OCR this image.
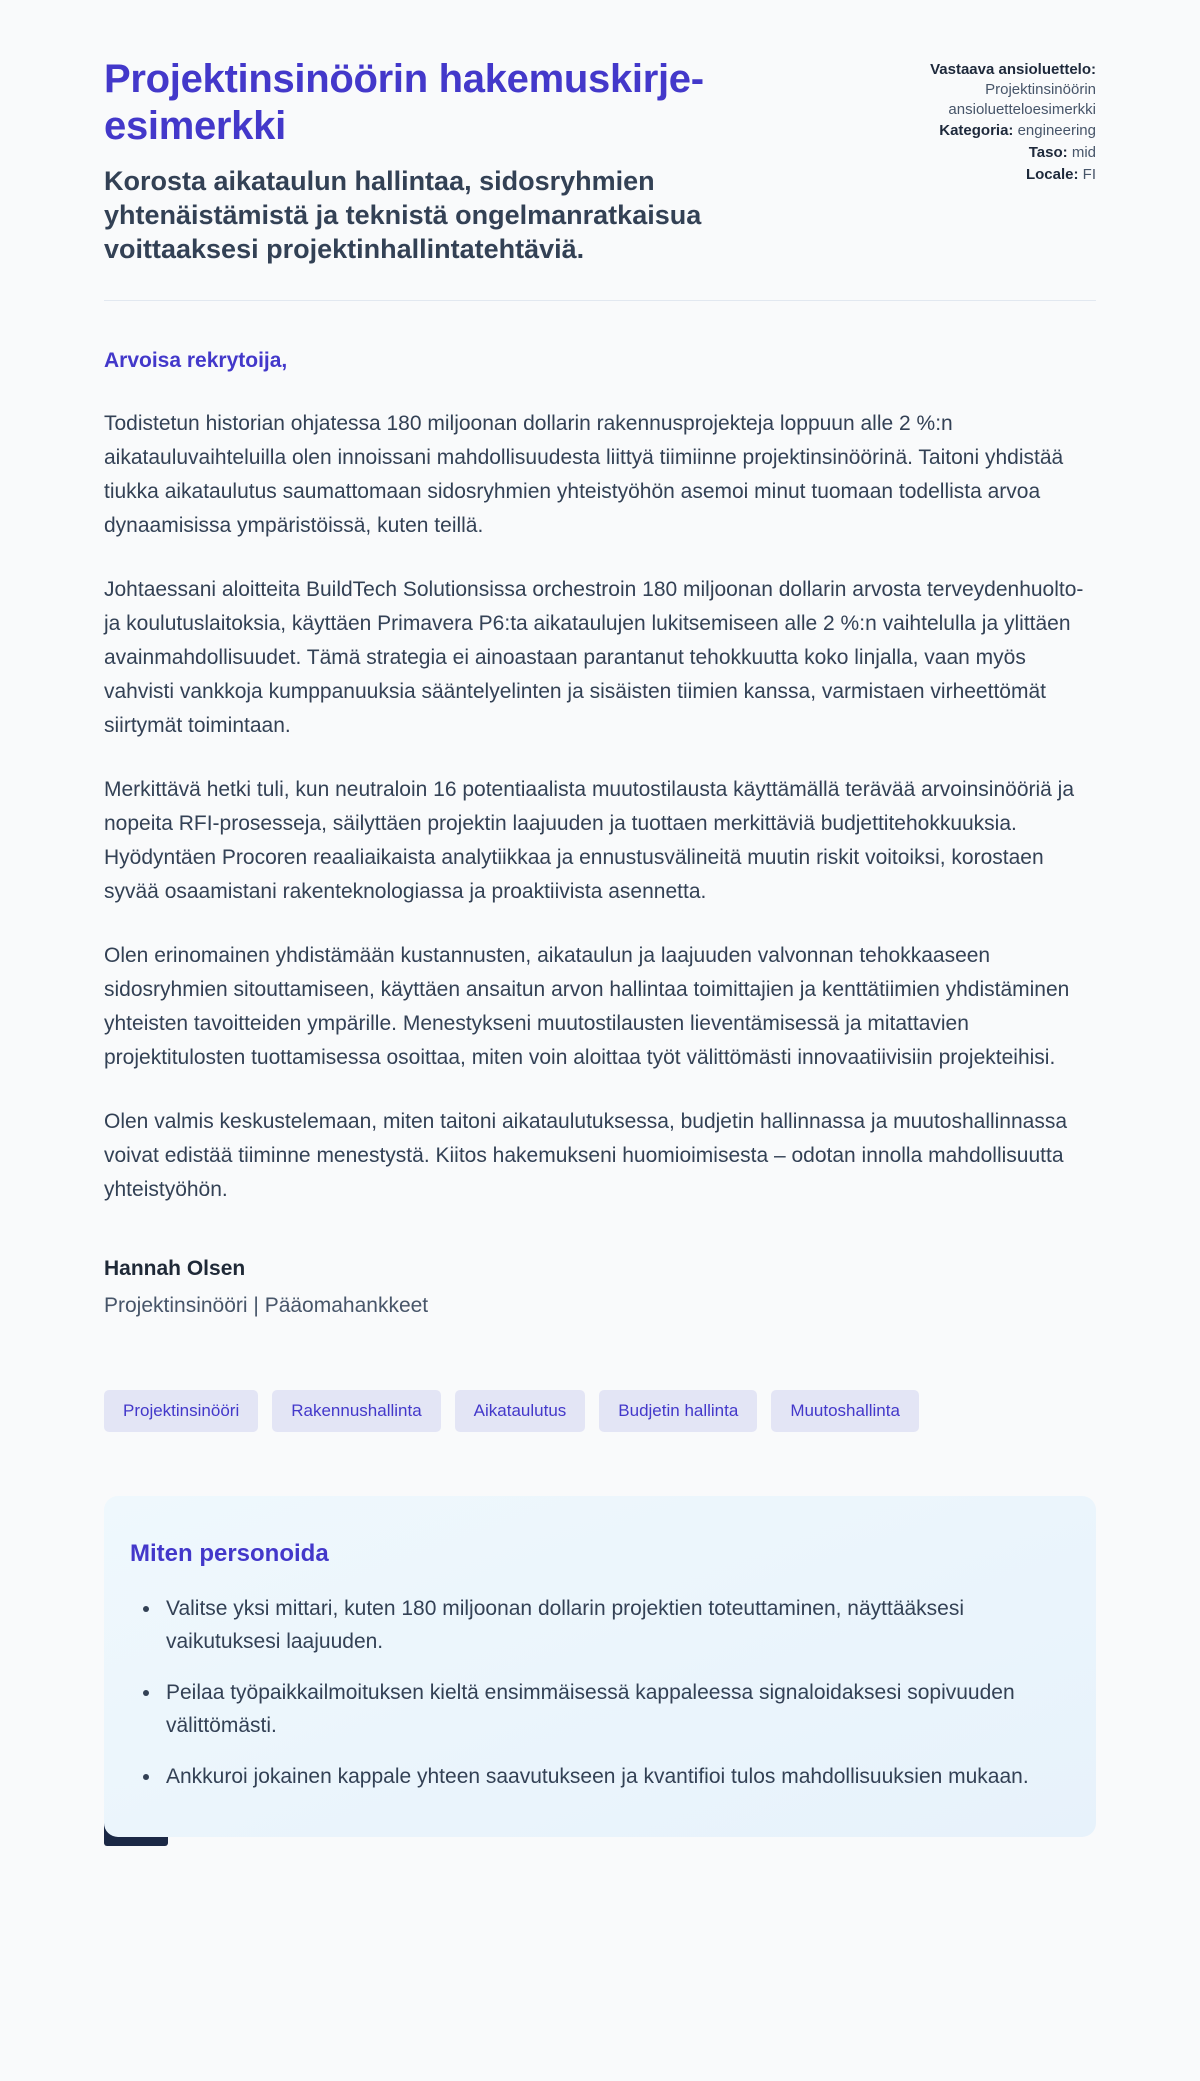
Projektinsinöörin hakemuskirje-esimerkki

Korosta aikataulun hallintaa, sidosryhmien yhtenäistämistä ja teknistä ongelmanratkaisua voittaaksesi projektinhallintatehtäviä.

Vastaava ansioluettelo: Projektinsinöörin ansioluetteloesimerkki
Kategoria: engineering
Taso: mid
Locale: FI

Arvoisa rekrytoija,

Todistetun historian ohjatessa 180 miljoonan dollarin rakennusprojekteja loppuun alle 2 %:n aikatauluvaihteluilla olen innoissani mahdollisuudesta liittyä tiimiinne projektinsinöörinä. Taitoni yhdistää tiukka aikataulutus saumattomaan sidosryhmien yhteistyöhön asemoi minut tuomaan todellista arvoa dynaamisissa ympäristöissä, kuten teillä.

Johtaessani aloitteita BuildTech Solutionsissa orchestroin 180 miljoonan dollarin arvosta terveydenhuolto- ja koulutuslaitoksia, käyttäen Primavera P6:ta aikataulujen lukitsemiseen alle 2 %:n vaihtelulla ja ylittäen avainmahdollisuudet. Tämä strategia ei ainoastaan parantanut tehokkuutta koko linjalla, vaan myös vahvisti vankkoja kumppanuuksia sääntelyelinten ja sisäisten tiimien kanssa, varmistaen virheettömät siirtymät toimintaan.

Merkittävä hetki tuli, kun neutraloin 16 potentiaalista muutostilausta käyttämällä terävää arvoinsinööriä ja nopeita RFI-prosesseja, säilyttäen projektin laajuuden ja tuottaen merkittäviä budjettitehokkuuksia. Hyödyntäen Procoren reaaliaikaista analytiikkaa ja ennustusvälineitä muutin riskit voitoiksi, korostaen syvää osaamistani rakenteknologiassa ja proaktiivista asennetta.

Olen erinomainen yhdistämään kustannusten, aikataulun ja laajuuden valvonnan tehokkaaseen sidosryhmien sitouttamiseen, käyttäen ansaitun arvon hallintaa toimittajien ja kenttätiimien yhdistäminen yhteisten tavoitteiden ympärille. Menestykseni muutostilausten lieventämisessä ja mitattavien projektitulosten tuottamisessa osoittaa, miten voin aloittaa työt välittömästi innovaatiivisiin projekteihisi.

Olen valmis keskustelemaan, miten taitoni aikataulutuksessa, budjetin hallinnassa ja muutoshallinnassa voivat edistää tiiminne menestystä. Kiitos hakemukseni huomioimisesta – odotan innolla mahdollisuutta yhteistyöhön.

Hannah Olsen

Projektinsinööri | Pääomahankkeet

Projektinsinööri	Rakennushallinta	Aikataulutus	Budjetin hallinta	Muutoshallinta
Miten personoida
• Valitse yksi mittari, kuten 180 miljoonan dollarin projektien toteuttaminen, näyttääksesi vaikutuksesi laajuuden.
• Peilaa työpaikkailmoituksen kieltä ensimmäisessä kappaleessa signaloidaksesi sopivuuden välittömästi.
• Ankkuroi jokainen kappale yhteen saavutukseen ja kvantifioi tulos mahdollisuuksien mukaan.
